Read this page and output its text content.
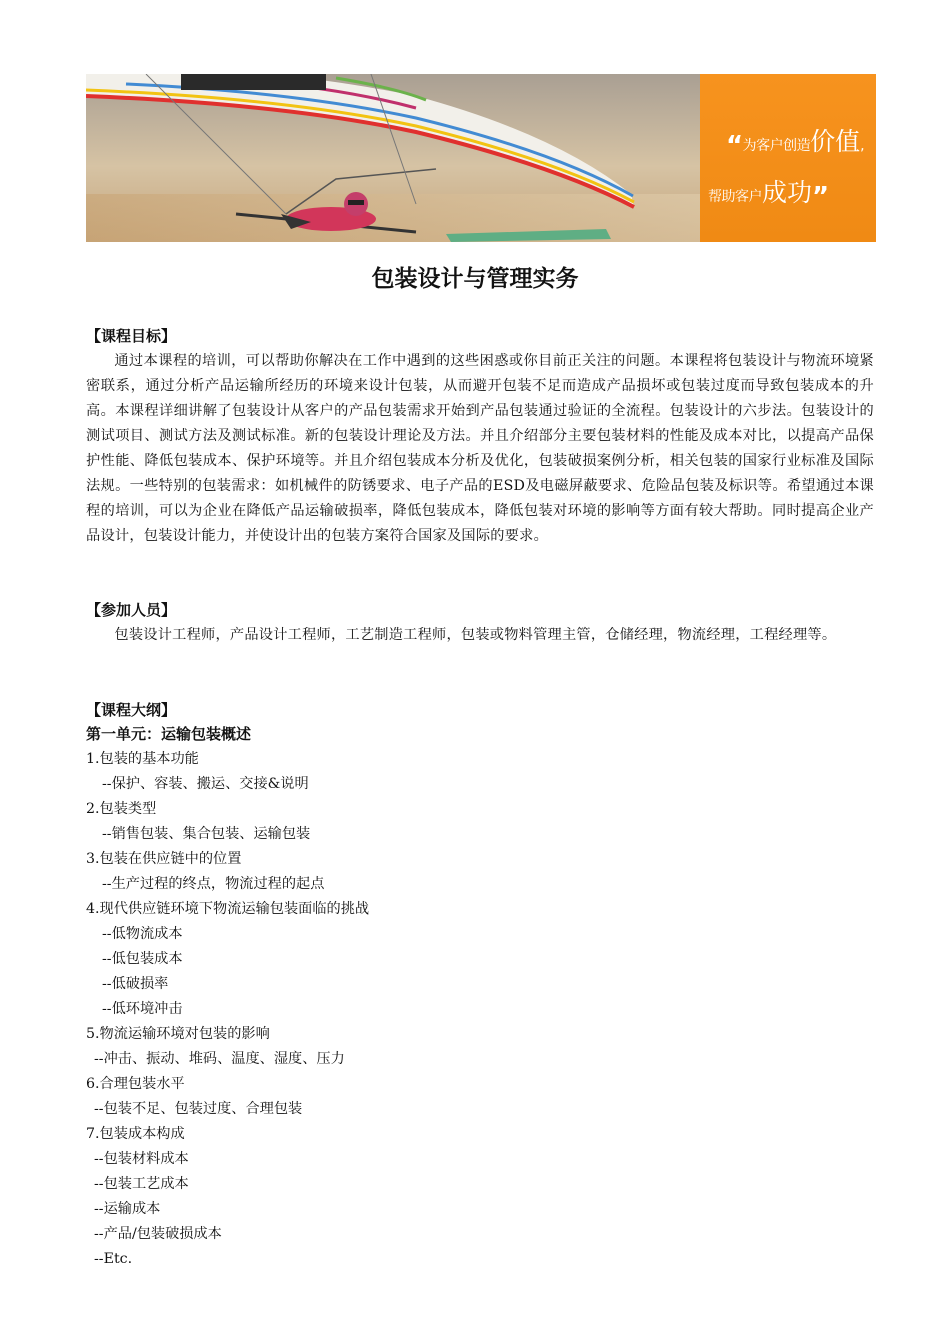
“为客户创造价值,
帮助客户成功”
包装设计与管理实务
【课程目标】
通过本课程的培训，可以帮助你解决在工作中遇到的这些困惑或你目前正关注的问题。本课程将包装设计与物流环境紧密联系，通过分析产品运输所经历的环境来设计包装，从而避开包装不足而造成产品损坏或包装过度而导致包装成本的升高。本课程详细讲解了包装设计从客户的产品包装需求开始到产品包装通过验证的全流程。包装设计的六步法。包装设计的测试项目、测试方法及测试标准。新的包装设计理论及方法。并且介绍部分主要包装材料的性能及成本对比，以提高产品保护性能、降低包装成本、保护环境等。并且介绍包装成本分析及优化，包装破损案例分析，相关包装的国家行业标准及国际法规。一些特别的包装需求：如机械件的防锈要求、电子产品的ESD及电磁屏蔽要求、危险品包装及标识等。希望通过本课程的培训，可以为企业在降低产品运输破损率，降低包装成本，降低包装对环境的影响等方面有较大帮助。同时提高企业产品设计，包装设计能力，并使设计出的包装方案符合国家及国际的要求。
【参加人员】
包装设计工程师，产品设计工程师，工艺制造工程师，包装或物料管理主管，仓储经理，物流经理，工程经理等。
【课程大纲】
第一单元：运输包装概述
1.包装的基本功能
--保护、容装、搬运、交接&说明
2.包装类型
--销售包装、集合包装、运输包装
3.包装在供应链中的位置
--生产过程的终点，物流过程的起点
4.现代供应链环境下物流运输包装面临的挑战
--低物流成本
--低包装成本
--低破损率
--低环境冲击
5.物流运输环境对包装的影响
--冲击、振动、堆码、温度、湿度、压力
6.合理包装水平
--包装不足、包装过度、合理包装
7.包装成本构成
--包装材料成本
--包装工艺成本
--运输成本
--产品/包装破损成本
--Etc.
